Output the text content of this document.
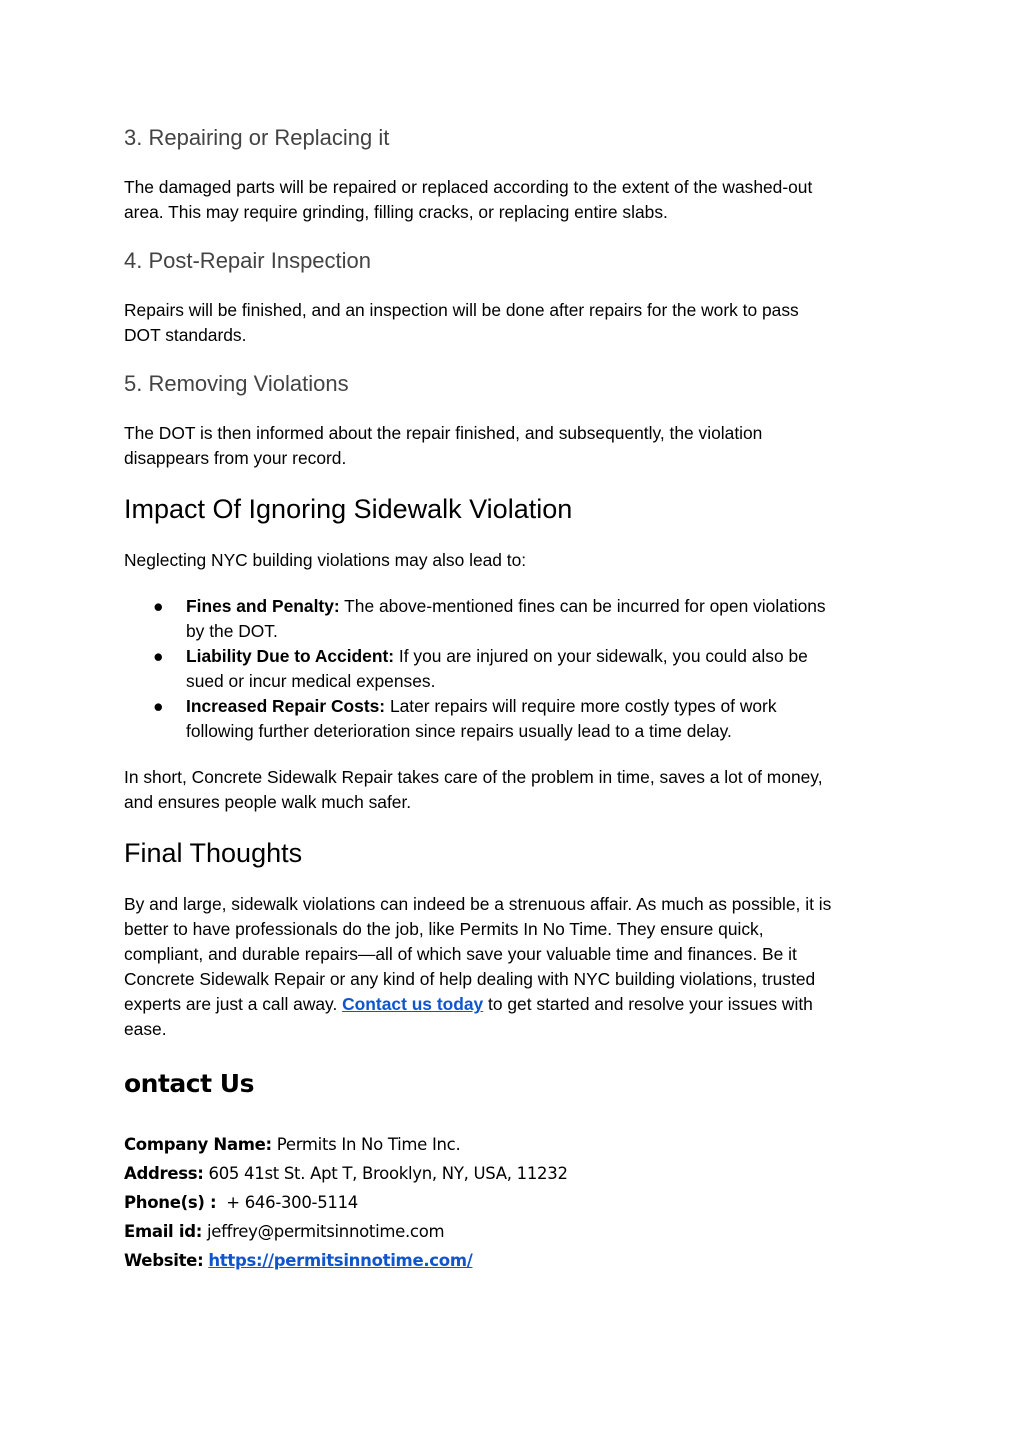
3. Repairing or Replacing it
The damaged parts will be repaired or replaced according to the extent of the washed-out
area. This may require grinding, filling cracks, or replacing entire slabs.
4. Post-Repair Inspection
Repairs will be finished, and an inspection will be done after repairs for the work to pass
DOT standards.
5. Removing Violations
The DOT is then informed about the repair finished, and subsequently, the violation
disappears from your record.
Impact Of Ignoring Sidewalk Violation
Neglecting NYC building violations may also lead to:
● Fines and Penalty: The above-mentioned fines can be incurred for open violations
by the DOT.
● Liability Due to Accident: If you are injured on your sidewalk, you could also be
sued or incur medical expenses.
● Increased Repair Costs: Later repairs will require more costly types of work
following further deterioration since repairs usually lead to a time delay.
In short, Concrete Sidewalk Repair takes care of the problem in time, saves a lot of money,
and ensures people walk much safer.
Final Thoughts
By and large, sidewalk violations can indeed be a strenuous affair. As much as possible, it is
better to have professionals do the job, like Permits In No Time. They ensure quick,
compliant, and durable repairs—all of which save your valuable time and finances. Be it
Concrete Sidewalk Repair or any kind of help dealing with NYC building violations, trusted
experts are just a call away. Contact us today to get started and resolve your issues with
ease.
ontact Us
Company Name: Permits In No Time Inc.
Address: 605 41st St. Apt T, Brooklyn, NY, USA, 11232
Phone(s) :  + 646-300-5114
Email id: jeffrey@permitsinnotime.com
Website: https://permitsinnotime.com/
